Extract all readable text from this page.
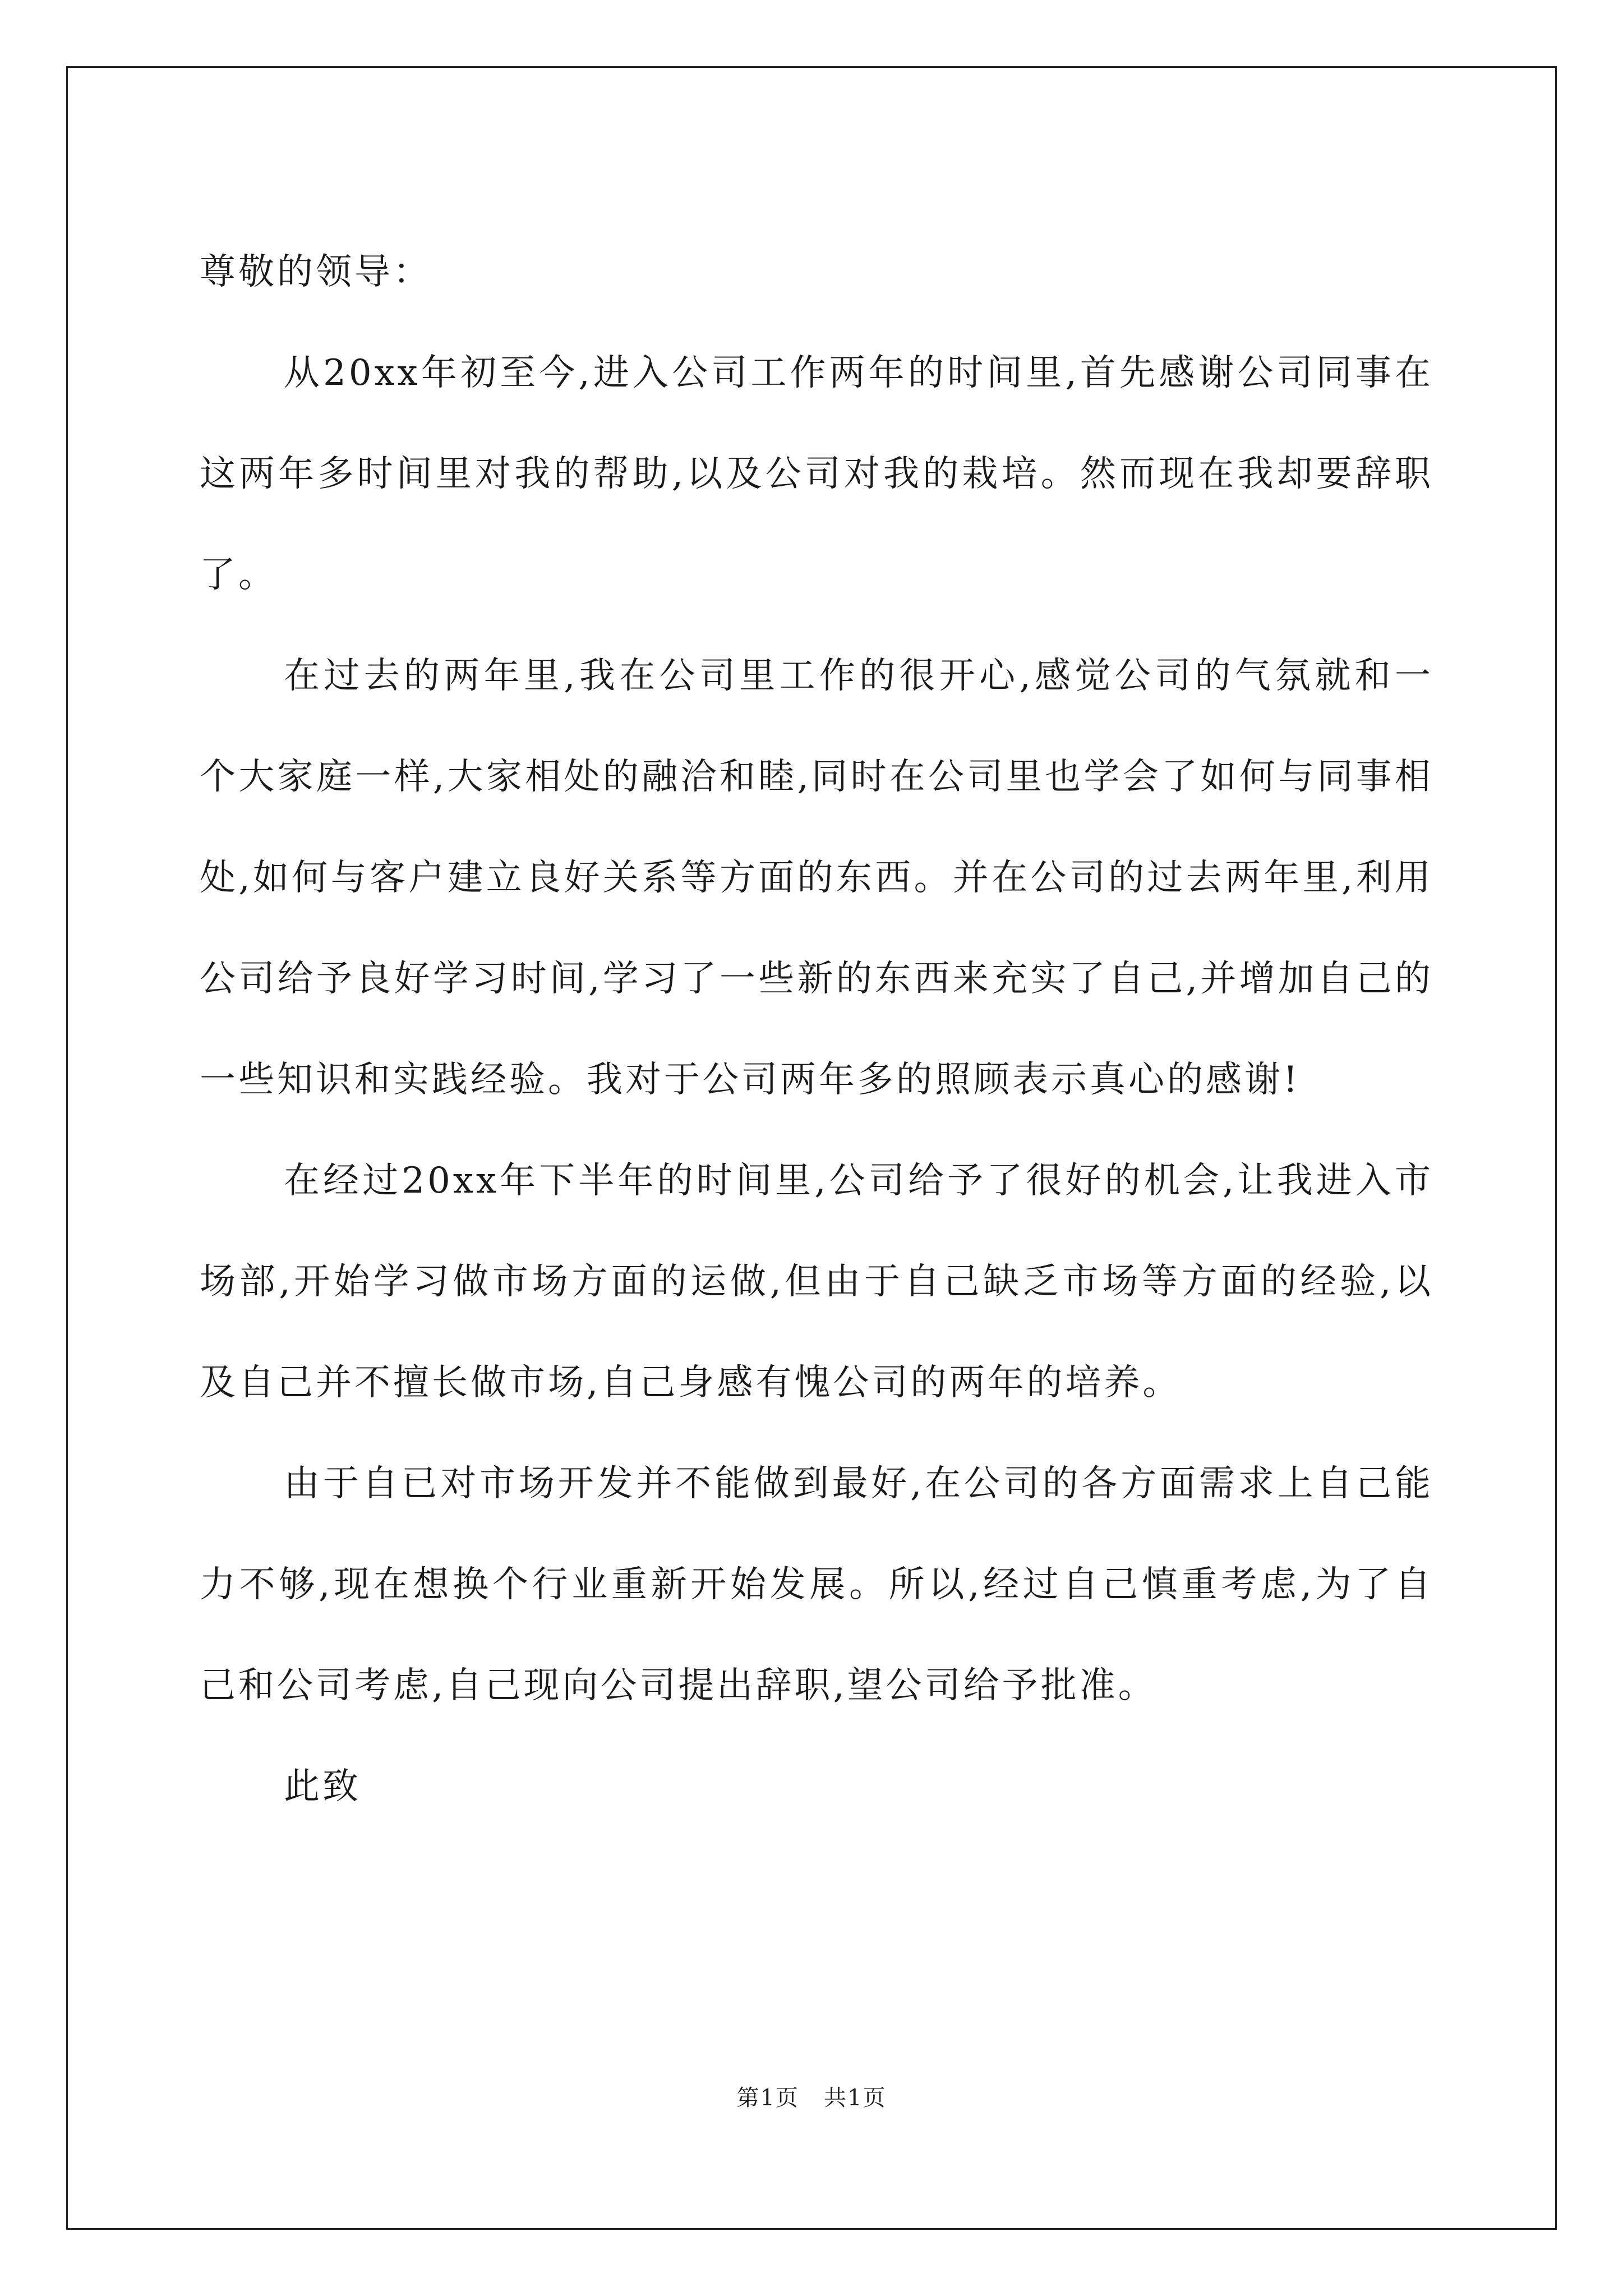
尊敬的领导：

从20xx年初至今,进入公司工作两年的时间里,首先感谢公司同事在这两年多时间里对我的帮助,以及公司对我的栽培。然而现在我却要辞职了。

在过去的两年里,我在公司里工作的很开心,感觉公司的气氛就和一个大家庭一样,大家相处的融洽和睦,同时在公司里也学会了如何与同事相处,如何与客户建立良好关系等方面的东西。并在公司的过去两年里,利用公司给予良好学习时间,学习了一些新的东西来充实了自己,并增加自己的一些知识和实践经验。我对于公司两年多的照顾表示真心的感谢!

在经过20xx年下半年的时间里,公司给予了很好的机会,让我进入市场部,开始学习做市场方面的运做,但由于自己缺乏市场等方面的经验,以及自己并不擅长做市场,自己身感有愧公司的两年的培养。

由于自已对市场开发并不能做到最好,在公司的各方面需求上自己能力不够,现在想换个行业重新开始发展。所以,经过自己慎重考虑,为了自己和公司考虑,自己现向公司提出辞职,望公司给予批准。

此致

第1页   共1页
